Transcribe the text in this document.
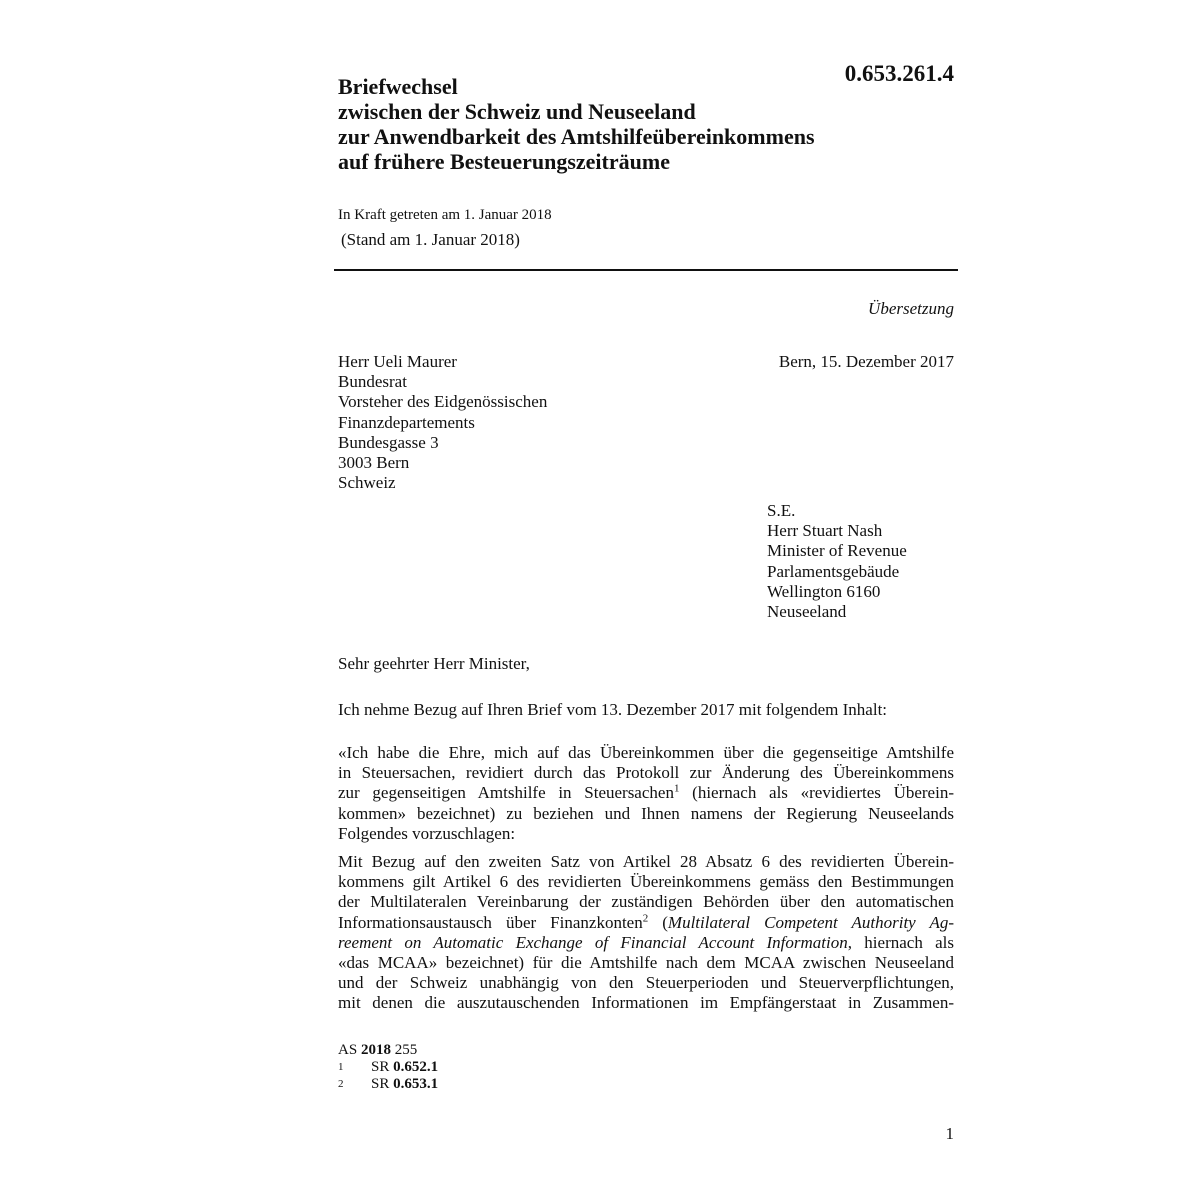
0.653.261.4
Briefwechsel
zwischen der Schweiz und Neuseeland
zur Anwendbarkeit des Amtshilfeübereinkommens
auf frühere Besteuerungszeiträume
In Kraft getreten am 1. Januar 2018
(Stand am 1. Januar 2018)
Übersetzung
Herr Ueli Maurer
Bundesrat
Vorsteher des Eidgenössischen
Finanzdepartements
Bundesgasse 3
3003 Bern
Schweiz
Bern, 15. Dezember 2017
S.E.
Herr Stuart Nash
Minister of Revenue
Parlamentsgebäude
Wellington 6160
Neuseeland
Sehr geehrter Herr Minister,
Ich nehme Bezug auf Ihren Brief vom 13. Dezember 2017 mit folgendem Inhalt:
«Ich habe die Ehre, mich auf das Übereinkommen über die gegenseitige Amtshilfe
in Steuersachen, revidiert durch das Protokoll zur Änderung des Übereinkommens
zur gegenseitigen Amtshilfe in Steuersachen$^1$ (hiernach als «revidiertes Überein-
kommen» bezeichnet) zu beziehen und Ihnen namens der Regierung Neuseelands
Folgendes vorzuschlagen:
Mit Bezug auf den zweiten Satz von Artikel 28 Absatz 6 des revidierten Überein-
kommens gilt Artikel 6 des revidierten Übereinkommens gemäss den Bestimmungen
der Multilateralen Vereinbarung der zuständigen Behörden über den automatischen
Informationsaustausch über Finanzkonten$^2$ (Multilateral Competent Authority Ag-
reement on Automatic Exchange of Financial Account Information, hiernach als
«das MCAA» bezeichnet) für die Amtshilfe nach dem MCAA zwischen Neuseeland
und der Schweiz unabhängig von den Steuerperioden und Steuerverpflichtungen,
mit denen die auszutauschenden Informationen im Empfängerstaat in Zusammen-
AS 2018 255
1 SR 0.652.1
2 SR 0.653.1
1
